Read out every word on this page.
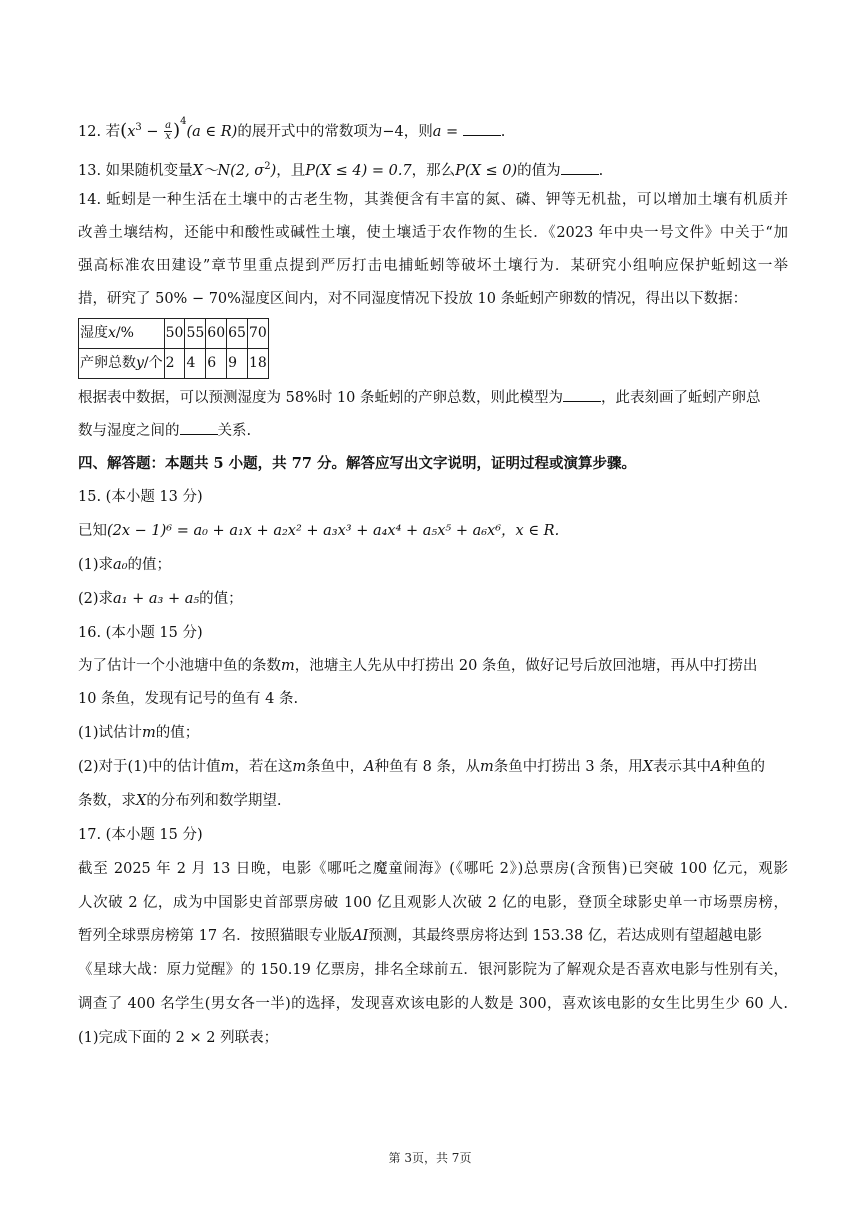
12. 若$(x^3 - \frac{a}{x} )^4(a$ ∈ R)的展开式中的常数项为−4，则a =	.
13. 如果随机变量X～N(2, $\sigma^2$)，且P(X ≤ 4) = 0.7，那么P(X ≤ 0)的值为	.
14. 蚯蚓是一种生活在土壤中的古老生物，其粪便含有丰富的氮、磷、钾等无机盐，可以增加土壤有机质并
改善土壤结构，还能中和酸性或碱性土壤，使土壤适于农作物的生长．《2023 年中央一号文件》中关于“加
强高标准农田建设”章节里重点提到严厉打击电捕蚯蚓等破坏土壤行为．某研究小组响应保护蚯蚓这一举
措，研究了 50% − 70%湿度区间内，对不同湿度情况下投放 10 条蚯蚓产卵数的情况，得出以下数据：
湿度x/%	50	55	60	65	70
产卵总数y/个	2	4	6	9	18
根据表中数据，可以预测湿度为 58%时 10 条蚯蚓的产卵总数，则此模型为	，此表刻画了蚯蚓产卵总
数与湿度之间的	关系.
四、解答题：本题共 5 小题，共 77 分。解答应写出文字说明，证明过程或演算步骤。
15. (本小题 13 分)
已知(2x − 1)⁶ = a₀ + a₁x + a₂x² + a₃x³ + a₄x⁴ + a₅x⁵ + a₆x⁶，x ∈ R.
(1)求a₀的值；
(2)求a₁ + a₃ + a₅的值；
16. (本小题 15 分)
为了估计一个小池塘中鱼的条数m，池塘主人先从中打捞出 20 条鱼，做好记号后放回池塘，再从中打捞出
10 条鱼，发现有记号的鱼有 4 条.
(1)试估计m的值；
(2)对于(1)中的估计值m，若在这m条鱼中，A种鱼有 8 条，从m条鱼中打捞出 3 条，用X表示其中A种鱼的
条数，求X的分布列和数学期望.
17. (本小题 15 分)
截至 2025 年 2 月 13 日晚，电影《哪吒之魔童闹海》(《哪吒 2》)总票房(含预售)已突破 100 亿元，观影
人次破 2 亿，成为中国影史首部票房破 100 亿且观影人次破 2 亿的电影，登顶全球影史单一市场票房榜，
暂列全球票房榜第 17 名．按照猫眼专业版AI预测，其最终票房将达到 153.38 亿，若达成则有望超越电影
《星球大战：原力觉醒》的 150.19 亿票房，排名全球前五．银河影院为了解观众是否喜欢电影与性别有关，
调查了 400 名学生(男女各一半)的选择，发现喜欢该电影的人数是 300，喜欢该电影的女生比男生少 60 人.
(1)完成下面的 2 × 2 列联表；
第 3页，共 7页
